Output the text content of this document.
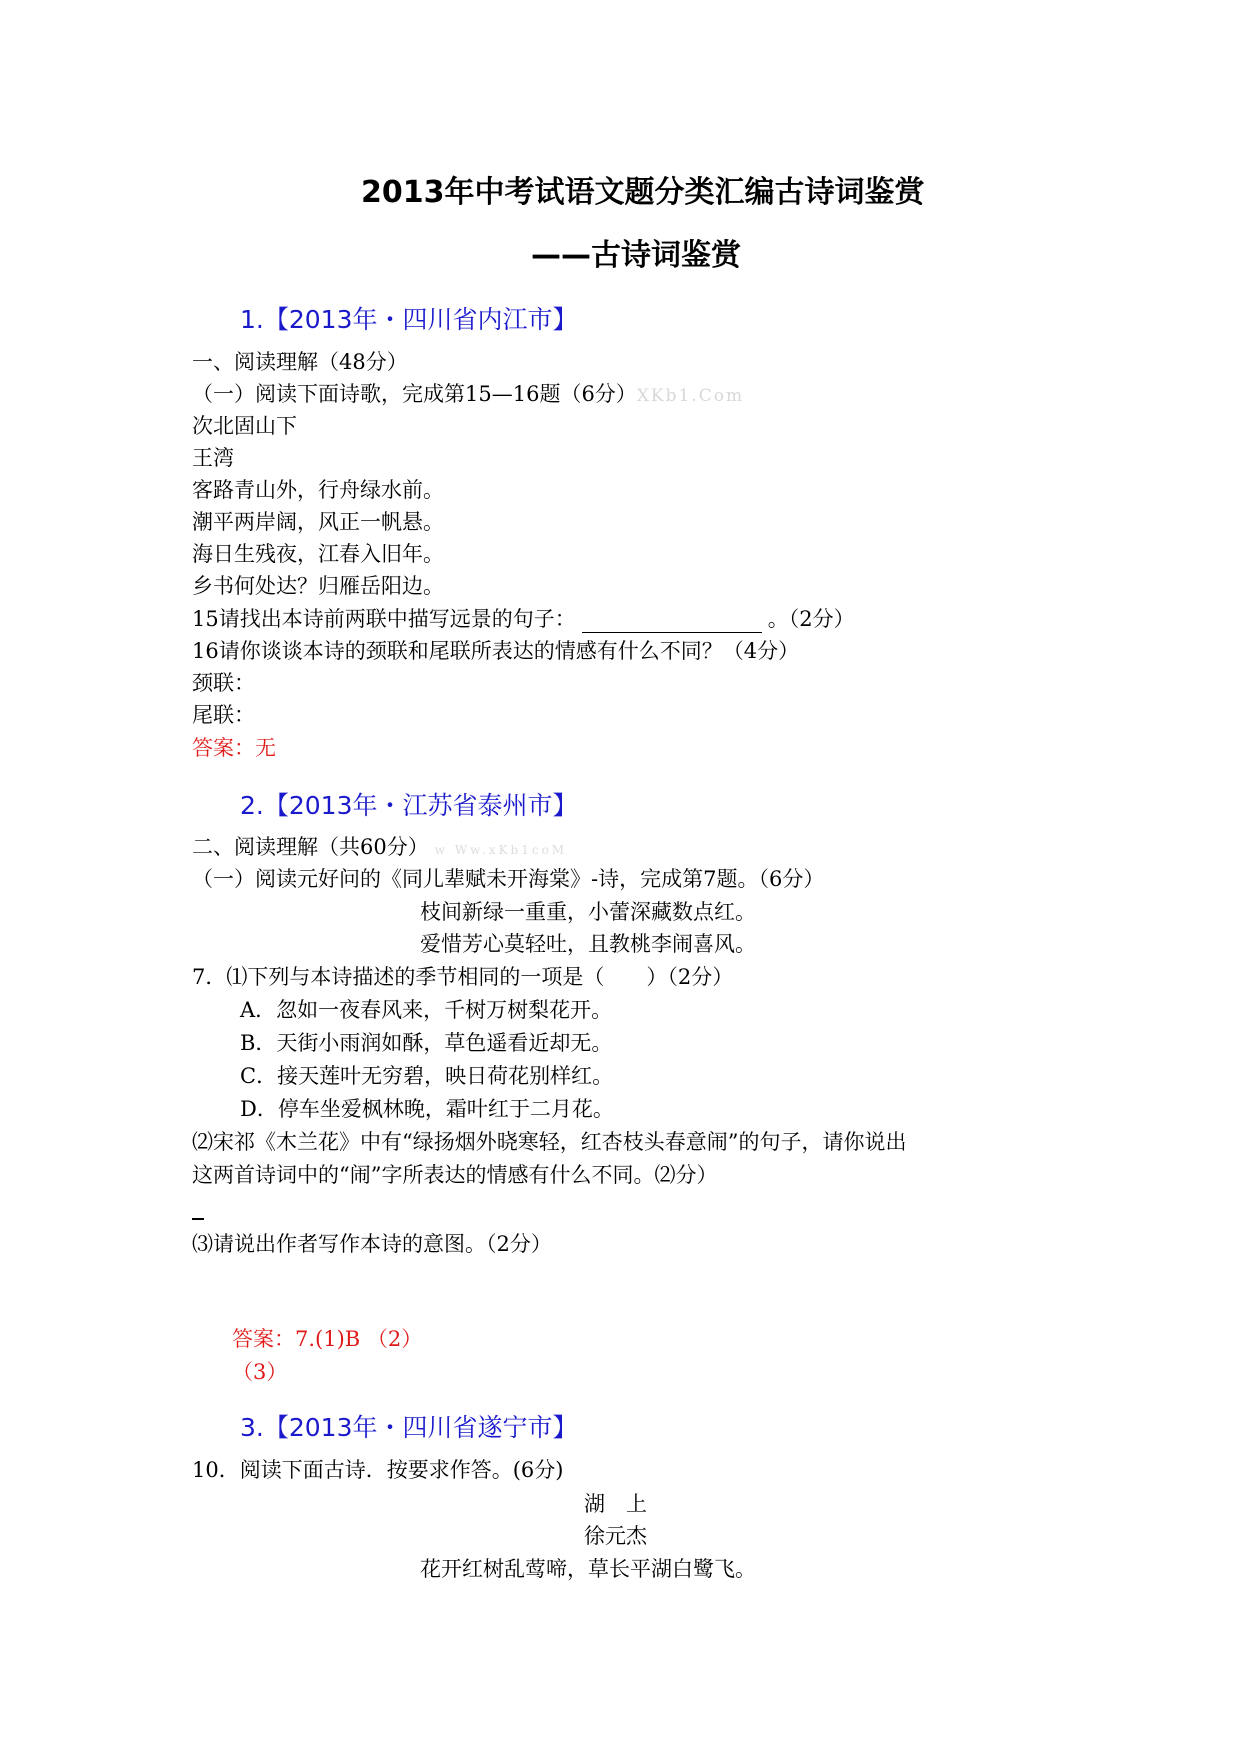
2013年中考试语文题分类汇编古诗词鉴赏
——古诗词鉴赏
1.【2013年・四川省内江市】
一、阅读理解（48分）
（一）阅读下面诗歌，完成第15—16题（6分）XKb1.Com
次北固山下
王湾
客路青山外，行舟绿水前。
潮平两岸阔，风正一帆悬。
海日生残夜，江春入旧年。
乡书何处达？归雁岳阳边。
15请找出本诗前两联中描写远景的句子：	。（2分）
16请你谈谈本诗的颈联和尾联所表达的情感有什么不同？（4分）
颈联：
尾联：
答案：无
2.【2013年・江苏省泰州市】
二、阅读理解（共60分） w Ww.xKb1coM
（一）阅读元好问的《同儿辈赋未开海棠》-诗，完成第7题。（6分）
枝间新绿一重重，小蕾深藏数点红。
爱惜芳心莫轻吐，且教桃李闹喜风。
7．⑴下列与本诗描述的季节相同的一项是（　　）（2分）
A．忽如一夜春风来，千树万树梨花开。
B．天街小雨润如酥，草色遥看近却无。
C．接天莲叶无穷碧，映日荷花别样红。
D．停车坐爱枫林晚，霜叶红于二月花。
⑵宋祁《木兰花》中有“绿扬烟外晓寒轻，红杏枝头春意闹”的句子，请你说出
这两首诗词中的“闹”字所表达的情感有什么不同。⑵分）
⑶请说出作者写作本诗的意图。（2分）
答案：7.(1)B （2）
（3）
3.【2013年・四川省遂宁市】
10．阅读下面古诗．按要求作答。(6分)
湖　上
徐元杰
花开红树乱莺啼，草长平湖白鹭飞。
